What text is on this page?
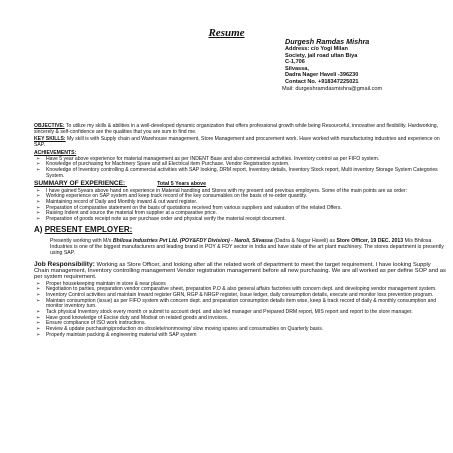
Resume
Durgesh Ramdas Mishra
Address: c/o Yogi Milan
Society, jail road ultan Biya
C-1,706
Silvassa,
Dadra Nager Haveli -396230
Contact No. +918347225021
Mail: durgeshramdasmishra@gmail.com

OBJECTIVE: To utilize my skills & abilities in a well-developed dynamic organization that offers professional growth while being Resourceful, innovative and flexibility. Hardworking, sincerely & self-confidence are the qualities that you are sum to find me.

KEY SKILLS: My skill is with Supply chain and Warehouse management, Store Management and procurement work. Have worked with manufacturing industries and experience on SAP.

ACHIEVEMENTS:
➢ Have 5 year above experience for material management as per INDENT Base and also commercial activities. Inventory control as per FIFO system.
➢ Knowledge of purchasing for Machinery Spare and all Electrical item Purchase. Vendor Registration system.
➢ Knowledge of Inventory controlling & commercial activities with SAP looking, DRM report, Inventory details, Inventory Stock report, Multi inventory Storage System Categories System.
SUMMARY OF EXPERIENCE:	Total 5 Years above
➢ I have gained 5years above hand on experience in Material handling and Stores with my present and previous employers. Some of the main points are as order:
➢ Working experience on SAP system and keep track record of the key consumables on the basis of re-order quantity.
➢ Maintaining record of Daily and Monthly inward & out ward register.
➢ Preparation of comparative statement on the basis of quotations received from various suppliers and valuation of the related Offers.
➢ Raising Indent and source the material from supplier at a comparative price.
➢ Preparation of goods receipt note as per purchase order and physical verify the material receipt document.
A) PRESENT EMPLOYER:

Presently working with M/s Bhilosa Industries Pvt Ltd. (POY&FDY Division) - Naroli, Silvassa (Dadra & Nagar Haveli) as Store Officer, 19 DEC. 2013 M/s Bhilosa Industries is one of the biggest manufacturers and leading brand in POY & FDY sector in India and have state of the art plant machinery. The stores department is presently using SAP.

Job Responsibility: Working as Store Officer, and looking after all the related work of department to meet the target requirement. I have looking Supply Chain management, Inventory controlling management Vendor registration management before all new purchasing. We are all worked as per define SOP and as per system requirement.

➢ Proper housekeeping maintain in store & near places
➢ Negotiation to parties, preparation vendor comparative sheet, preparation P.O & also general affairs factories with concern dept. and developing vendor management system.
➢ Inventory Control activities and maintain Inward register GRN, RGP & NRGP register, Issue ledger, daily consumption details, execute and monitor loss prevention program.
➢ Maintain consumption (issue) as per FIFO system with concern dept. and preparation consumption details item wise, keep & track record of daily & monthly consumption and monitor inventory turn.
➢ Tack physical Inventory stock every month or submit to account dept. and also led manager and Prepared DRM report, MIS report and report to the store manager.
➢ Have good knowledge of Excise duty and Modvat on related goods and invoices.
➢ Ensure compliance of ISO work instructions.
➢ Review & update purchasing/production on obsolete/nonmoving/ slow moving spares and consumables on Quarterly basis.
➢ Properly maintain packing & engineering material with SAP system
